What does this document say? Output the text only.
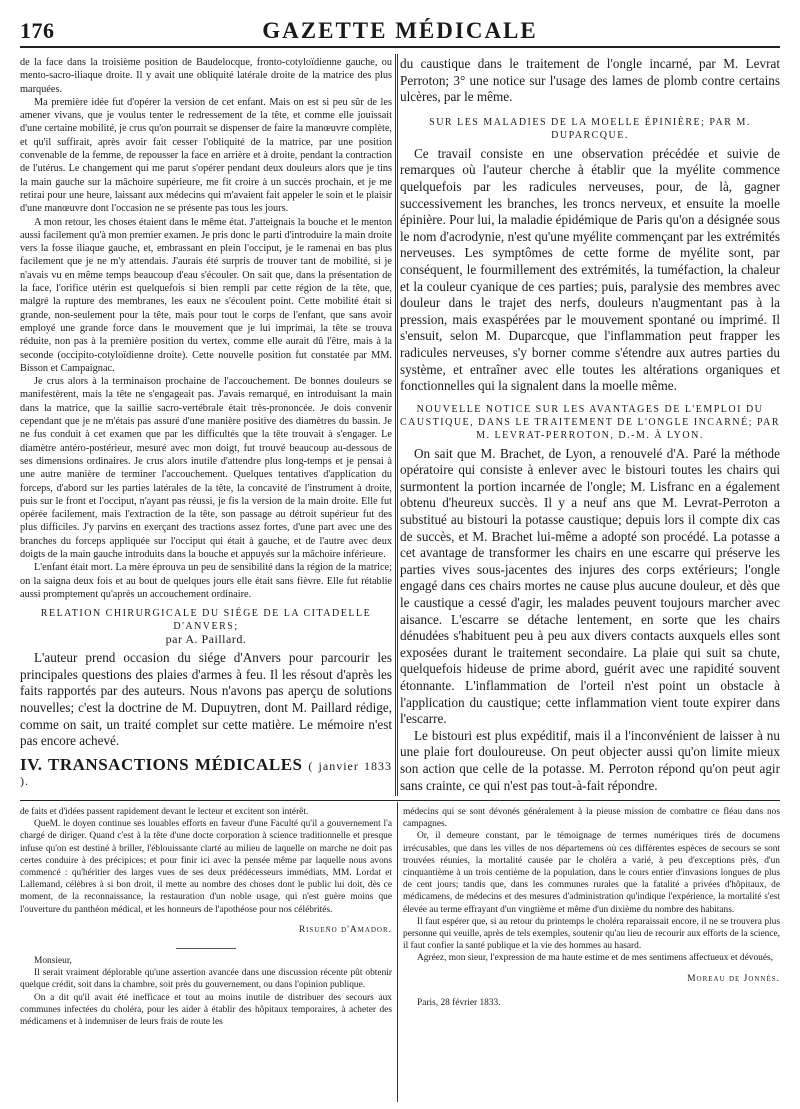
176	GAZETTE MÉDICALE

de la face dans la troisième position de Baudelocque, fronto-cotyloïdienne gauche, ou mento-sacro-iliaque droite. Il y avait une obliquité latérale droite de la matrice des plus marquées.

Ma première idée fut d'opérer la version de cet enfant. Mais on est si peu sûr de les amener vivans, que je voulus tenter le redressement de la tête, et comme elle jouissait d'une certaine mobilité, je crus qu'on pourrait se dispenser de faire la manœuvre complète, et qu'il suffirait, après avoir fait cesser l'obliquité de la matrice, par une position convenable de la femme, de repousser la face en arrière et à droite, pendant la contraction de l'utérus. Le changement qui me parut s'opérer pendant deux douleurs alors que je tins la main gauche sur la mâchoire supérieure, me fit croire à un succès prochain, et je me retirai pour une heure, laissant aux médecins qui m'avaient fait appeler le soin et le plaisir d'une manœuvre dont l'occasion ne se présente pas tous les jours.

A mon retour, les choses étaient dans le même état. J'atteignais la bouche et le menton aussi facilement qu'à mon premier examen. Je pris donc le parti d'introduire la main droite vers la fosse iliaque gauche, et, embrassant en plein l'occiput, je le ramenai en bas plus facilement que je ne m'y attendais. J'aurais été surpris de trouver tant de mobilité, si je n'avais vu en même temps beaucoup d'eau s'écouler. On sait que, dans la présentation de la face, l'orifice utérin est quelquefois si bien rempli par cette région de la tête, que, malgré la rupture des membranes, les eaux ne s'écoulent point. Cette mobilité était si grande, non-seulement pour la tête, mais pour tout le corps de l'enfant, que sans avoir employé une grande force dans le mouvement que je lui imprimai, la tête se trouva réduite, non pas à la première position du vertex, comme elle aurait dû l'être, mais à la seconde (occipito-cotyloïdienne droite). Cette nouvelle position fut constatée par MM. Bisson et Campaignac.

Je crus alors à la terminaison prochaine de l'accouchement. De bonnes douleurs se manifestèrent, mais la tête ne s'engageait pas. J'avais remarqué, en introduisant la main dans la matrice, que la saillie sacro-vertébrale était très-prononcée. Je dois convenir cependant que je ne m'étais pas assuré d'une manière positive des diamètres du bassin. Je ne fus conduit à cet examen que par les difficultés que la tête trouvait à s'engager. Le diamètre antéro-postérieur, mesuré avec mon doigt, fut trouvé beaucoup au-dessous de ses dimensions ordinaires. Je crus alors inutile d'attendre plus long-temps et je pensai à une autre manière de terminer l'accouchement. Quelques tentatives d'application du forceps, d'abord sur les parties latérales de la tête, la concavité de l'instrument à droite, puis sur le front et l'occiput, n'ayant pas réussi, je fis la version de la main droite. Elle fut opérée facilement, mais l'extraction de la tête, son passage au détroit supérieur fut des plus difficiles. J'y parvins en exerçant des tractions assez fortes, d'une part avec une des branches du forceps appliquée sur l'occiput qui était à gauche, et de l'autre avec deux doigts de la main gauche introduits dans la bouche et appuyés sur la mâchoire inférieure.

L'enfant était mort. La mère éprouva un peu de sensibilité dans la région de la matrice; on la saigna deux fois et au bout de quelques jours elle était sans fièvre. Elle fut rétablie aussi promptement qu'après un accouchement ordinaire.

RELATION CHIRURGICALE DU SIÉGE DE LA CITADELLE D'ANVERS;
par A. Paillard.

L'auteur prend occasion du siége d'Anvers pour parcourir les principales questions des plaies d'armes à feu. Il les résout d'après les faits rapportés par des auteurs. Nous n'avons pas aperçu de solutions nouvelles; c'est la doctrine de M. Dupuytren, dont M. Paillard rédige, comme on sait, un traité complet sur cette matière. Le mémoire n'est pas encore achevé.

IV. TRANSACTIONS MÉDICALES ( janvier 1833 ).

du caustique dans le traitement de l'ongle incarné, par M. Levrat Perroton; 3° une notice sur l'usage des lames de plomb contre certains ulcères, par le même.

SUR LES MALADIES DE LA MOELLE ÉPINIÈRE; PAR M. DUPARCQUE.

Ce travail consiste en une observation précédée et suivie de remarques où l'auteur cherche à établir que la myélite commence quelquefois par les radicules nerveuses, pour, de là, gagner successivement les branches, les troncs nerveux, et ensuite la moelle épinière. Pour lui, la maladie épidémique de Paris qu'on a désignée sous le nom d'acrodynie, n'est qu'une myélite commençant par les extrémités nerveuses. Les symptômes de cette forme de myélite sont, par conséquent, le fourmillement des extrémités, la tuméfaction, la chaleur et la couleur cyanique de ces parties; puis, paralysie des membres avec douleur dans le trajet des nerfs, douleurs n'augmentant pas à la pression, mais exaspérées par le mouvement spontané ou imprimé. Il s'ensuit, selon M. Duparcque, que l'inflammation peut frapper les radicules nerveuses, s'y borner comme s'étendre aux autres parties du système, et entraîner avec elle toutes les altérations organiques et fonctionnelles qui la signalent dans la moelle même.

NOUVELLE NOTICE SUR LES AVANTAGES DE L'EMPLOI DU CAUSTIQUE, DANS LE TRAITEMENT DE L'ONGLE INCARNÉ; PAR M. LEVRAT-PERROTON, D.-M. À LYON.

On sait que M. Brachet, de Lyon, a renouvelé d'A. Paré la méthode opératoire qui consiste à enlever avec le bistouri toutes les chairs qui surmontent la portion incarnée de l'ongle; M. Lisfranc en a également obtenu d'heureux succès. Il y a neuf ans que M. Levrat-Perroton a substitué au bistouri la potasse caustique; depuis lors il compte dix cas de succès, et M. Brachet lui-même a adopté son procédé. La potasse a cet avantage de transformer les chairs en une escarre qui préserve les parties vives sous-jacentes des injures des corps extérieurs; l'ongle engagé dans ces chairs mortes ne cause plus aucune douleur, et dès que le caustique a cessé d'agir, les malades peuvent toujours marcher avec aisance. L'escarre se détache lentement, en sorte que les chairs dénudées s'habituent peu à peu aux divers contacts auxquels elles sont exposées durant le traitement secondaire. La plaie qui suit sa chute, quelquefois hideuse de prime abord, guérit avec une rapidité souvent étonnante. L'inflammation de l'orteil n'est point un obstacle à l'application du caustique; cette inflammation vient toute expirer dans l'escarre.

Le bistouri est plus expéditif, mais il a l'inconvénient de laisser à nu une plaie fort douloureuse. On peut objecter aussi qu'on limite mieux son action que celle de la potasse. M. Perroton répond qu'on peut agir sans crainte, ce qui n'est pas tout-à-fait répondre.

de faits et d'idées passent rapidement devant le lecteur et excitent son intérêt.

QueM. le doyen continue ses louables efforts en faveur d'une Faculté qu'il a gouvernement l'a chargé de diriger. Quand c'est à la tête d'une docte corporation à science traditionnelle et presque infuse qu'on est destiné à briller, l'éblouissante clarté au milieu de laquelle on marche ne doit pas certes conduire à des précipices; et pour finir ici avec la pensée même par laquelle nous avons commencé : qu'héritier des larges vues de ses deux prédécesseurs immédiats, MM. Lordat et Lallemand, célèbres à si bon droit, il mette au nombre des choses dont le public lui doit, dès ce moment, de la reconnaissance, la restauration d'un noble usage, qui n'est guère moins que l'ouverture du panthéon médical, et les honneurs de l'apothéose pour nos célébrités.

Risueño d'Amador.

Monsieur,

Il serait vraiment déplorable qu'une assertion avancée dans une discussion récente pût obtenir quelque crédit, soit dans la chambre, soit près du gouvernement, ou dans l'opinion publique.

On a dit qu'il avait été inefficace et tout au moins inutile de distribuer des secours aux communes infectées du choléra, pour les aider à établir des hôpitaux temporaires, à acheter des médicamens et à indemniser de leurs frais de route les

médecins qui se sont dévonés généralement à la pieuse mission de combattre ce fléau dans nos campagnes.

Or, il demeure constant, par le témoignage de termes numériques tirés de documens irrécusables, que dans les villes de nos départemens où ces différentes espèces de secours se sont trouvées réunies, la mortalité causée par le choléra a varié, à peu d'exceptions près, d'un cinquantième à un trois centième de la population, dans le cours entier d'invasions longues de plus de cent jours; tandis que, dans les communes rurales que la fatalité a privées d'hôpitaux, de médicamens, de médecins et des mesures d'administration qu'indique l'expérience, la mortalité s'est élevée au terme effrayant d'un vingtième et même d'un dixième du nombre des habitans.

Il faut espérer que, si au retour du printemps le choléra reparaissait encore, il ne se trouvera plus personne qui veuille, après de tels exemples, soutenir qu'au lieu de recourir aux efforts de la science, il faut confier la santé publique et la vie des hommes au hasard.

Agréez, mon sieur, l'expression de ma haute estime et de mes sentimens affectueux et dévoués,

Moreau de Jonnès.

Paris, 28 février 1833.
